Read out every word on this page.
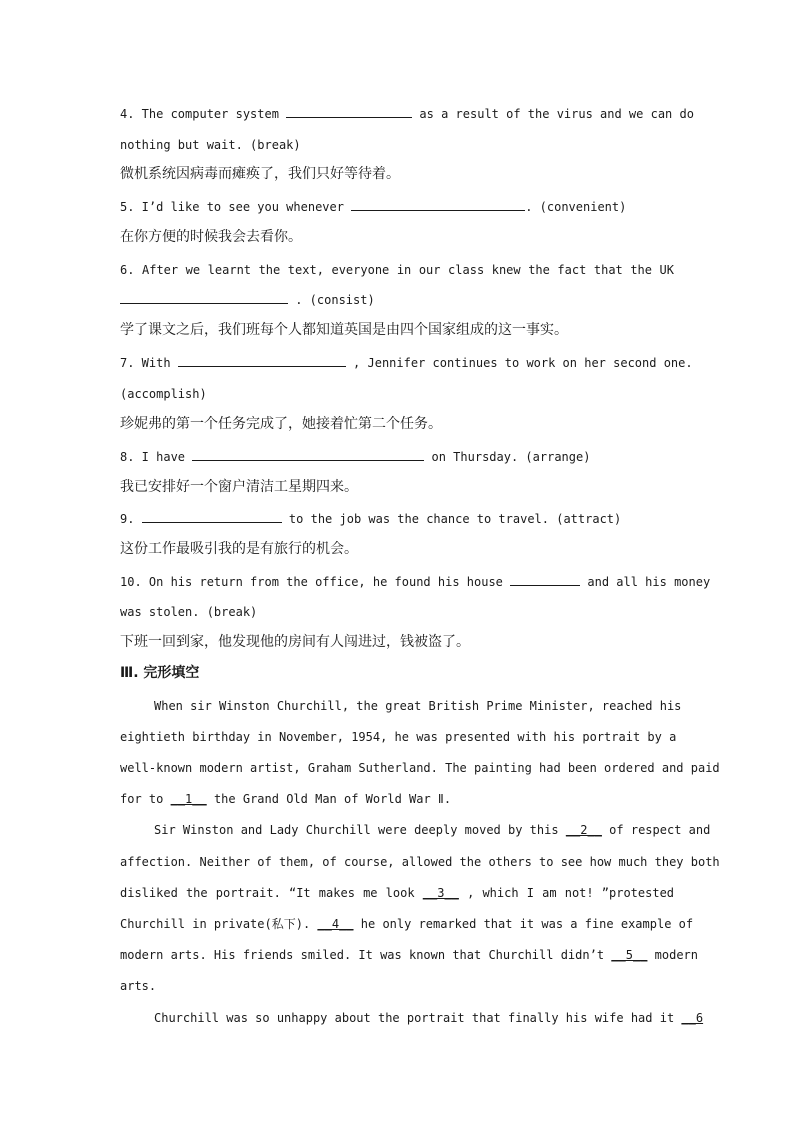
4. The computer system	as a result of the virus and we can do
nothing but wait. (break)
微机系统因病毒而瘫痪了，我们只好等待着。
5. I’d like to see you whenever	. (convenient)
在你方便的时候我会去看你。
6. After we learnt the text, everyone in our class knew the fact that the UK
. (consist)
学了课文之后，我们班每个人都知道英国是由四个国家组成的这一事实。
7. With	, Jennifer continues to work on her second one.
(accomplish)
珍妮弗的第一个任务完成了，她接着忙第二个任务。
8. I have	on Thursday. (arrange)
我已安排好一个窗户清洁工星期四来。
9.	to the job was the chance to travel. (attract)
这份工作最吸引我的是有旅行的机会。
10. On his return from the office, he found his house	and all his money
was stolen. (break)
下班一回到家，他发现他的房间有人闯进过，钱被盗了。
Ⅲ. 完形填空
When sir Winston Churchill, the great British Prime Minister, reached his
eightieth birthday in November, 1954, he was presented with his portrait by a
well-known modern artist, Graham Sutherland. The painting had been ordered and paid
for to __1__ the Grand Old Man of World War Ⅱ.
Sir Winston and Lady Churchill were deeply moved by this __2__ of respect and
affection. Neither of them, of course, allowed the others to see how much they both
disliked the portrait. “It makes me look __3__ , which I am not! ”protested
Churchill in private(私下). __4__ he only remarked that it was a fine example of
modern arts. His friends smiled. It was known that Churchill didn’t __5__ modern
arts.
Churchill was so unhappy about the portrait that finally his wife had it __6
